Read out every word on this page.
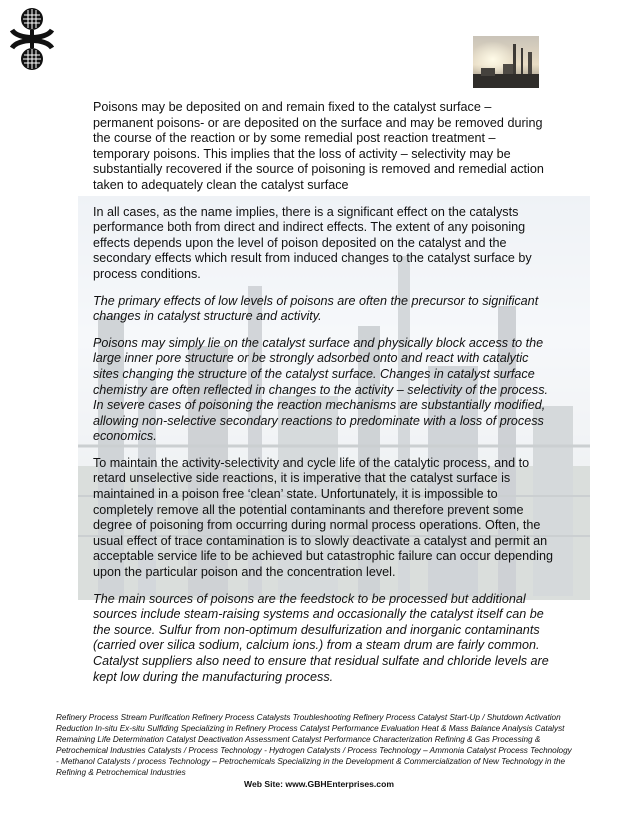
Poisons may be deposited on and remain fixed to the catalyst surface – permanent poisons- or are deposited on the surface and may be removed during the course of the reaction or by some remedial post reaction treatment – temporary poisons. This implies that the loss of activity – selectivity may be substantially recovered if the source of poisoning is removed and remedial action taken to adequately clean the catalyst surface

In all cases, as the name implies, there is a significant effect on the catalysts performance both from direct and indirect effects. The extent of any poisoning effects depends upon the level of poison deposited on the catalyst and the secondary effects which result from induced changes to the catalyst surface by process conditions.

The primary effects of low levels of poisons are often the precursor to significant changes in catalyst structure and activity.

Poisons may simply lie on the catalyst surface and physically block access to the large inner pore structure or be strongly adsorbed onto and react with catalytic sites changing the structure of the catalyst surface. Changes in catalyst surface chemistry are often reflected in changes to the activity – selectivity of the process. In severe cases of poisoning the reaction mechanisms are substantially modified, allowing non-selective secondary reactions to predominate with a loss of process economics.

To maintain the activity-selectivity and cycle life of the catalytic process, and to retard unselective side reactions, it is imperative that the catalyst surface is maintained in a poison free ‘clean’ state. Unfortunately, it is impossible to completely remove all the potential contaminants and therefore prevent some degree of poisoning from occurring during normal process operations. Often, the usual effect of trace contamination is to slowly deactivate a catalyst and permit an acceptable service life to be achieved but catastrophic failure can occur depending upon the particular poison and the concentration level.

The main sources of poisons are the feedstock to be processed but additional sources include steam-raising systems and occasionally the catalyst itself can be the source. Sulfur from non-optimum desulfurization and inorganic contaminants (carried over silica sodium, calcium ions.) from a steam drum are fairly common. Catalyst suppliers also need to ensure that residual sulfate and chloride levels are kept low during the manufacturing process.

Refinery Process Stream Purification Refinery Process Catalysts Troubleshooting Refinery Process Catalyst Start-Up / Shutdown Activation Reduction In-situ Ex-situ Sulfiding Specializing in Refinery Process Catalyst Performance Evaluation Heat & Mass Balance Analysis Catalyst Remaining Life Determination Catalyst Deactivation Assessment Catalyst Performance Characterization Refining & Gas Processing & Petrochemical Industries Catalysts / Process Technology - Hydrogen Catalysts / Process Technology – Ammonia Catalyst Process Technology - Methanol Catalysts / process Technology – Petrochemicals Specializing in the Development & Commercialization of New Technology in the Refining & Petrochemical Industries
Web Site: www.GBHEnterprises.com
